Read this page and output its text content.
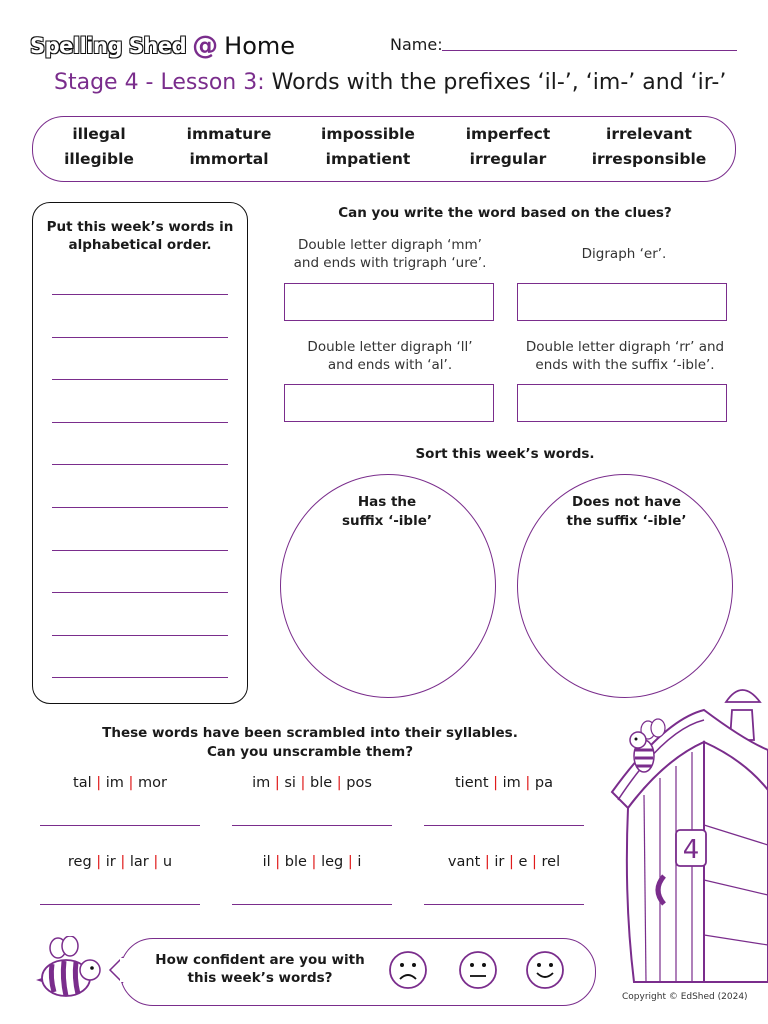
Spelling Shed @ Home	Name:
Stage 4 - Lesson 3: Words with the prefixes ‘il-’, ‘im-’ and ‘ir-’
illegal	immature	impossible	imperfect	irrelevant
illegible	immortal	impatient	irregular	irresponsible
Put this week’s words in
alphabetical order.
Can you write the word based on the clues?
Double letter digraph ‘mm’
and ends with trigraph ‘ure’.
Digraph ‘er’.
Double letter digraph ‘ll’
and ends with ‘al’.
Double letter digraph ‘rr’ and
ends with the suffix ‘-ible’.
Sort this week’s words.
Has the
suffix ‘-ible’
Does not have
the suffix ‘-ible’
These words have been scrambled into their syllables.
Can you unscramble them?
tal | im | mor	im | si | ble | pos	tient | im | pa
reg | ir | lar | u	il | ble | leg | i	vant | ir | e | rel
How confident are you with
this week’s words?
4
Copyright © EdShed (2024)
